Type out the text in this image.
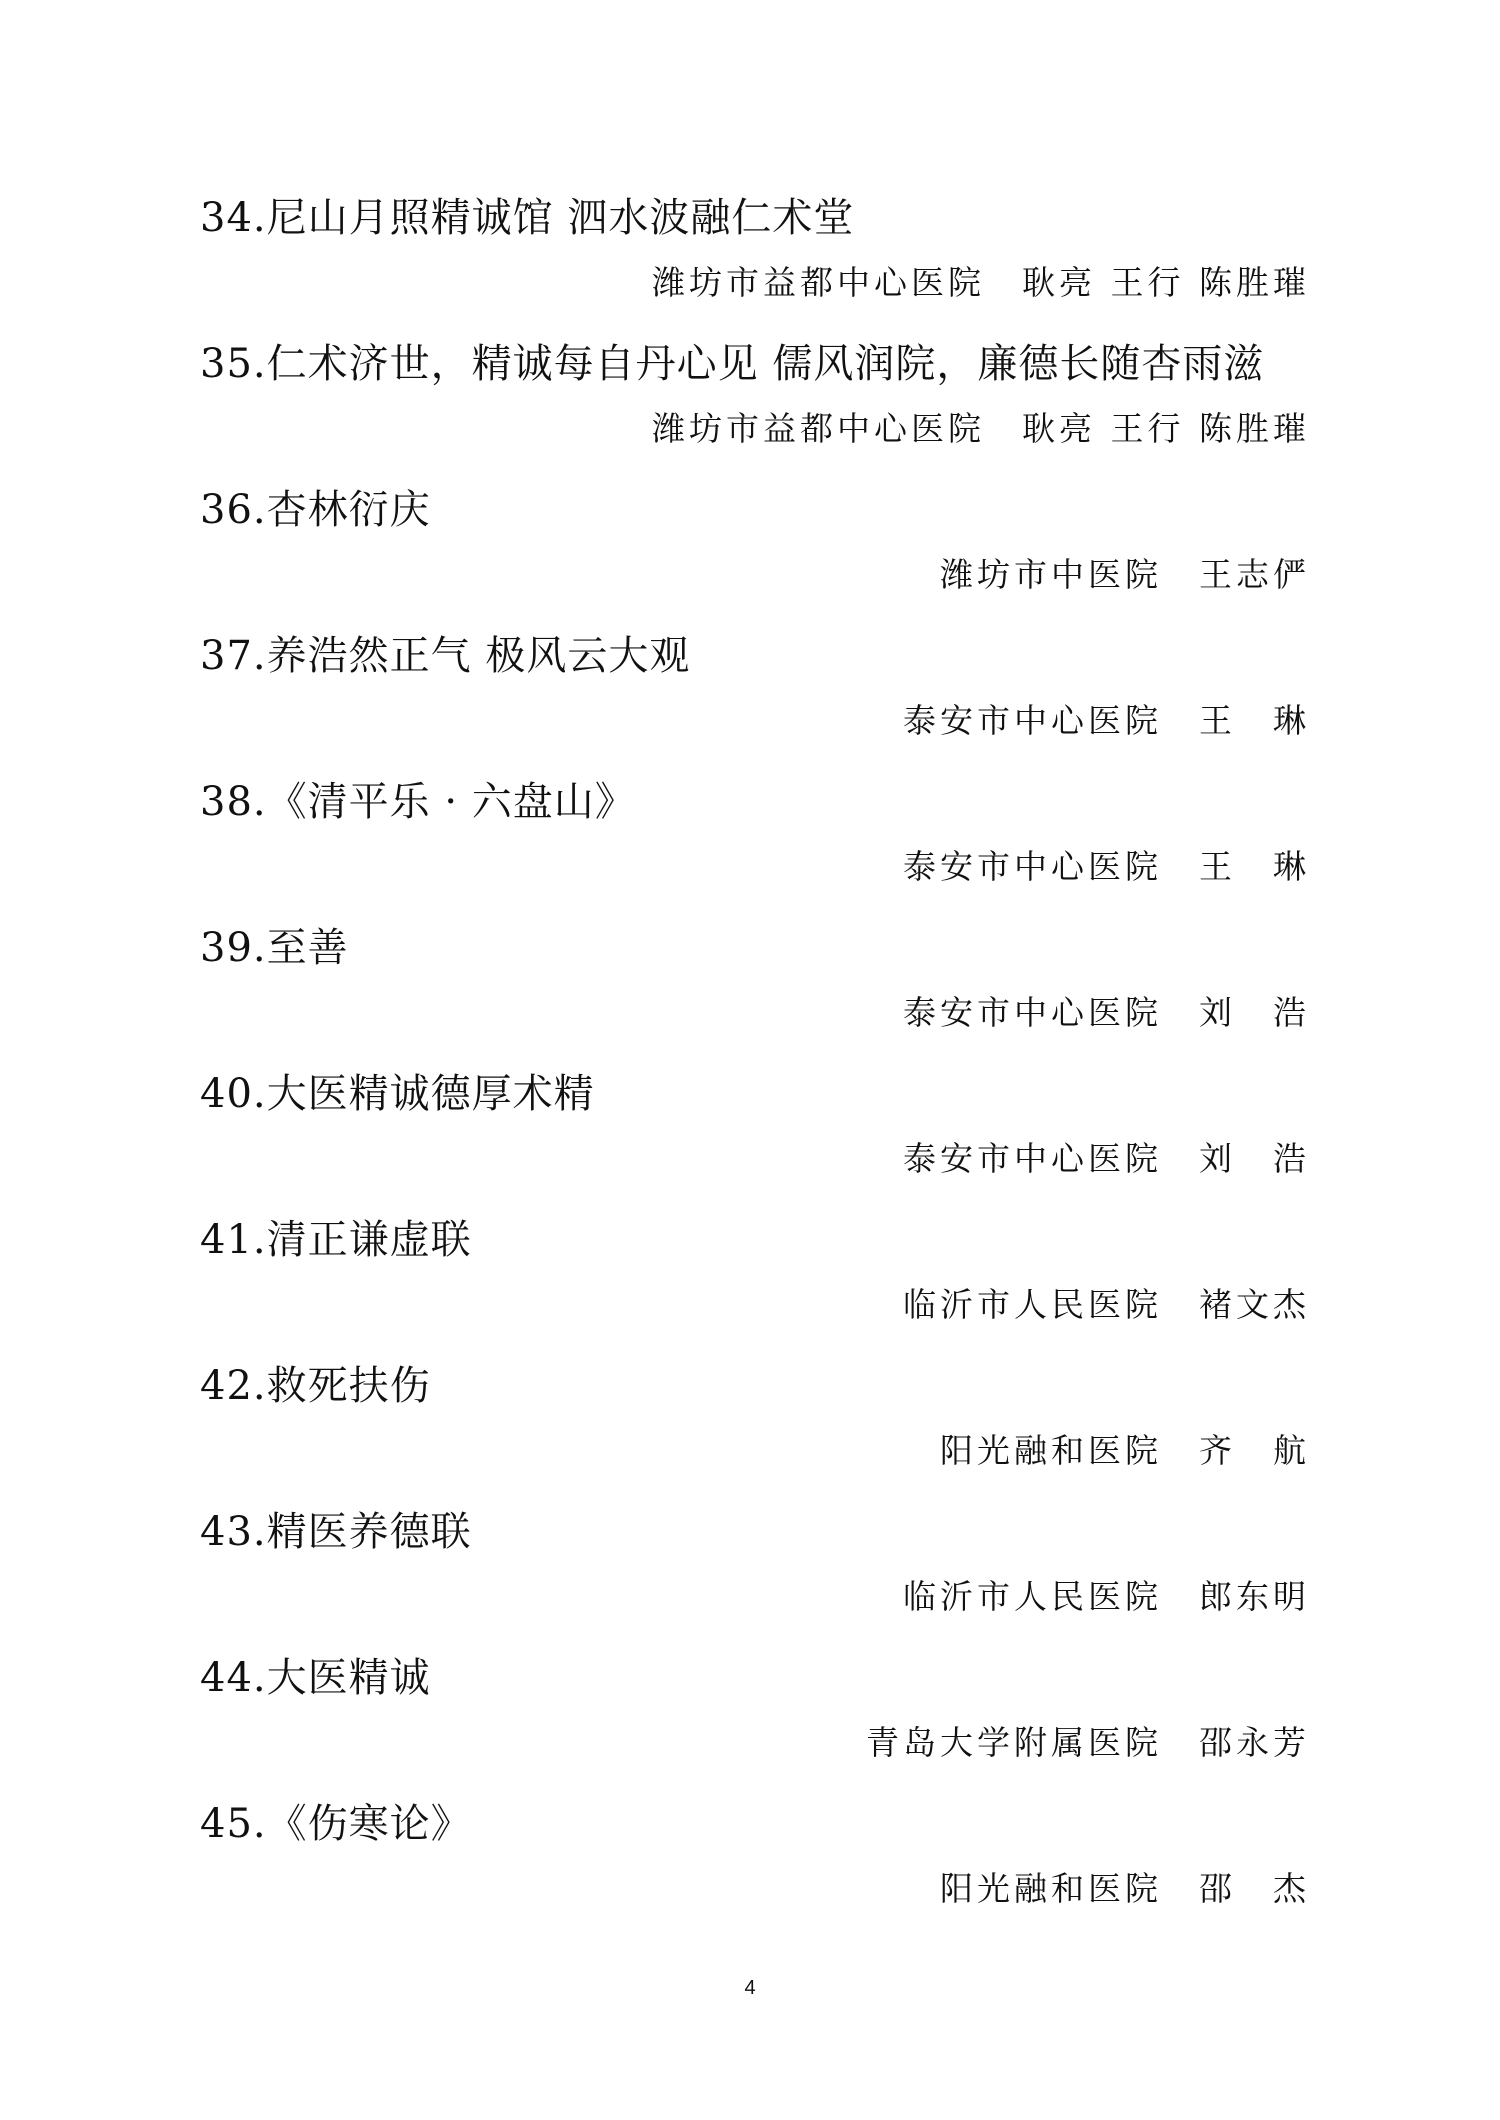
34.尼山月照精诚馆 泗水波融仁术堂
潍坊市益都中心医院　耿亮 王行 陈胜璀
35.仁术济世，精诚每自丹心见 儒风润院，廉德长随杏雨滋
潍坊市益都中心医院　耿亮 王行 陈胜璀
36.杏林衍庆
潍坊市中医院　王志俨
37.养浩然正气 极风云大观
泰安市中心医院　王　琳
38.《清平乐 · 六盘山》
泰安市中心医院　王　琳
39.至善
泰安市中心医院　刘　浩
40.大医精诚德厚术精
泰安市中心医院　刘　浩
41.清正谦虚联
临沂市人民医院　褚文杰
42.救死扶伤
阳光融和医院　齐　航
43.精医养德联
临沂市人民医院　郎东明
44.大医精诚
青岛大学附属医院　邵永芳
45.《伤寒论》
阳光融和医院　邵　杰
4
